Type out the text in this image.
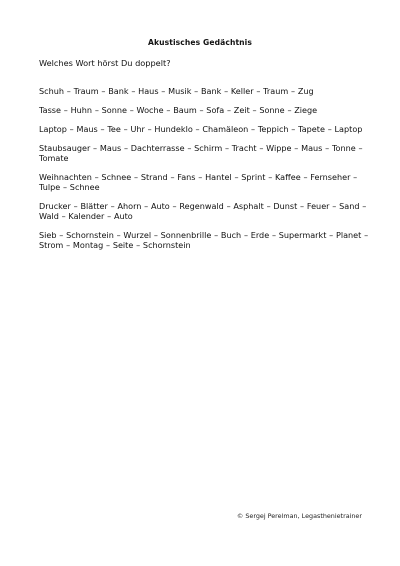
Akustisches Gedächtnis
Welches Wort hörst Du doppelt?
Schuh – Traum – Bank – Haus – Musik – Bank – Keller – Traum – Zug
Tasse – Huhn – Sonne – Woche – Baum – Sofa – Zeit – Sonne – Ziege
Laptop – Maus – Tee – Uhr – Hundeklo – Chamäleon – Teppich – Tapete – Laptop
Staubsauger – Maus – Dachterrasse – Schirm – Tracht – Wippe – Maus – Tonne – Tomate
Weihnachten – Schnee – Strand – Fans – Hantel – Sprint – Kaffee – Fernseher – Tulpe – Schnee
Drucker – Blätter – Ahorn – Auto – Regenwald – Asphalt – Dunst – Feuer – Sand – Wald – Kalender – Auto
Sieb – Schornstein – Wurzel – Sonnenbrille – Buch – Erde – Supermarkt – Planet – Strom – Montag – Seite – Schornstein
© Sergej Perelman, Legasthenietrainer
